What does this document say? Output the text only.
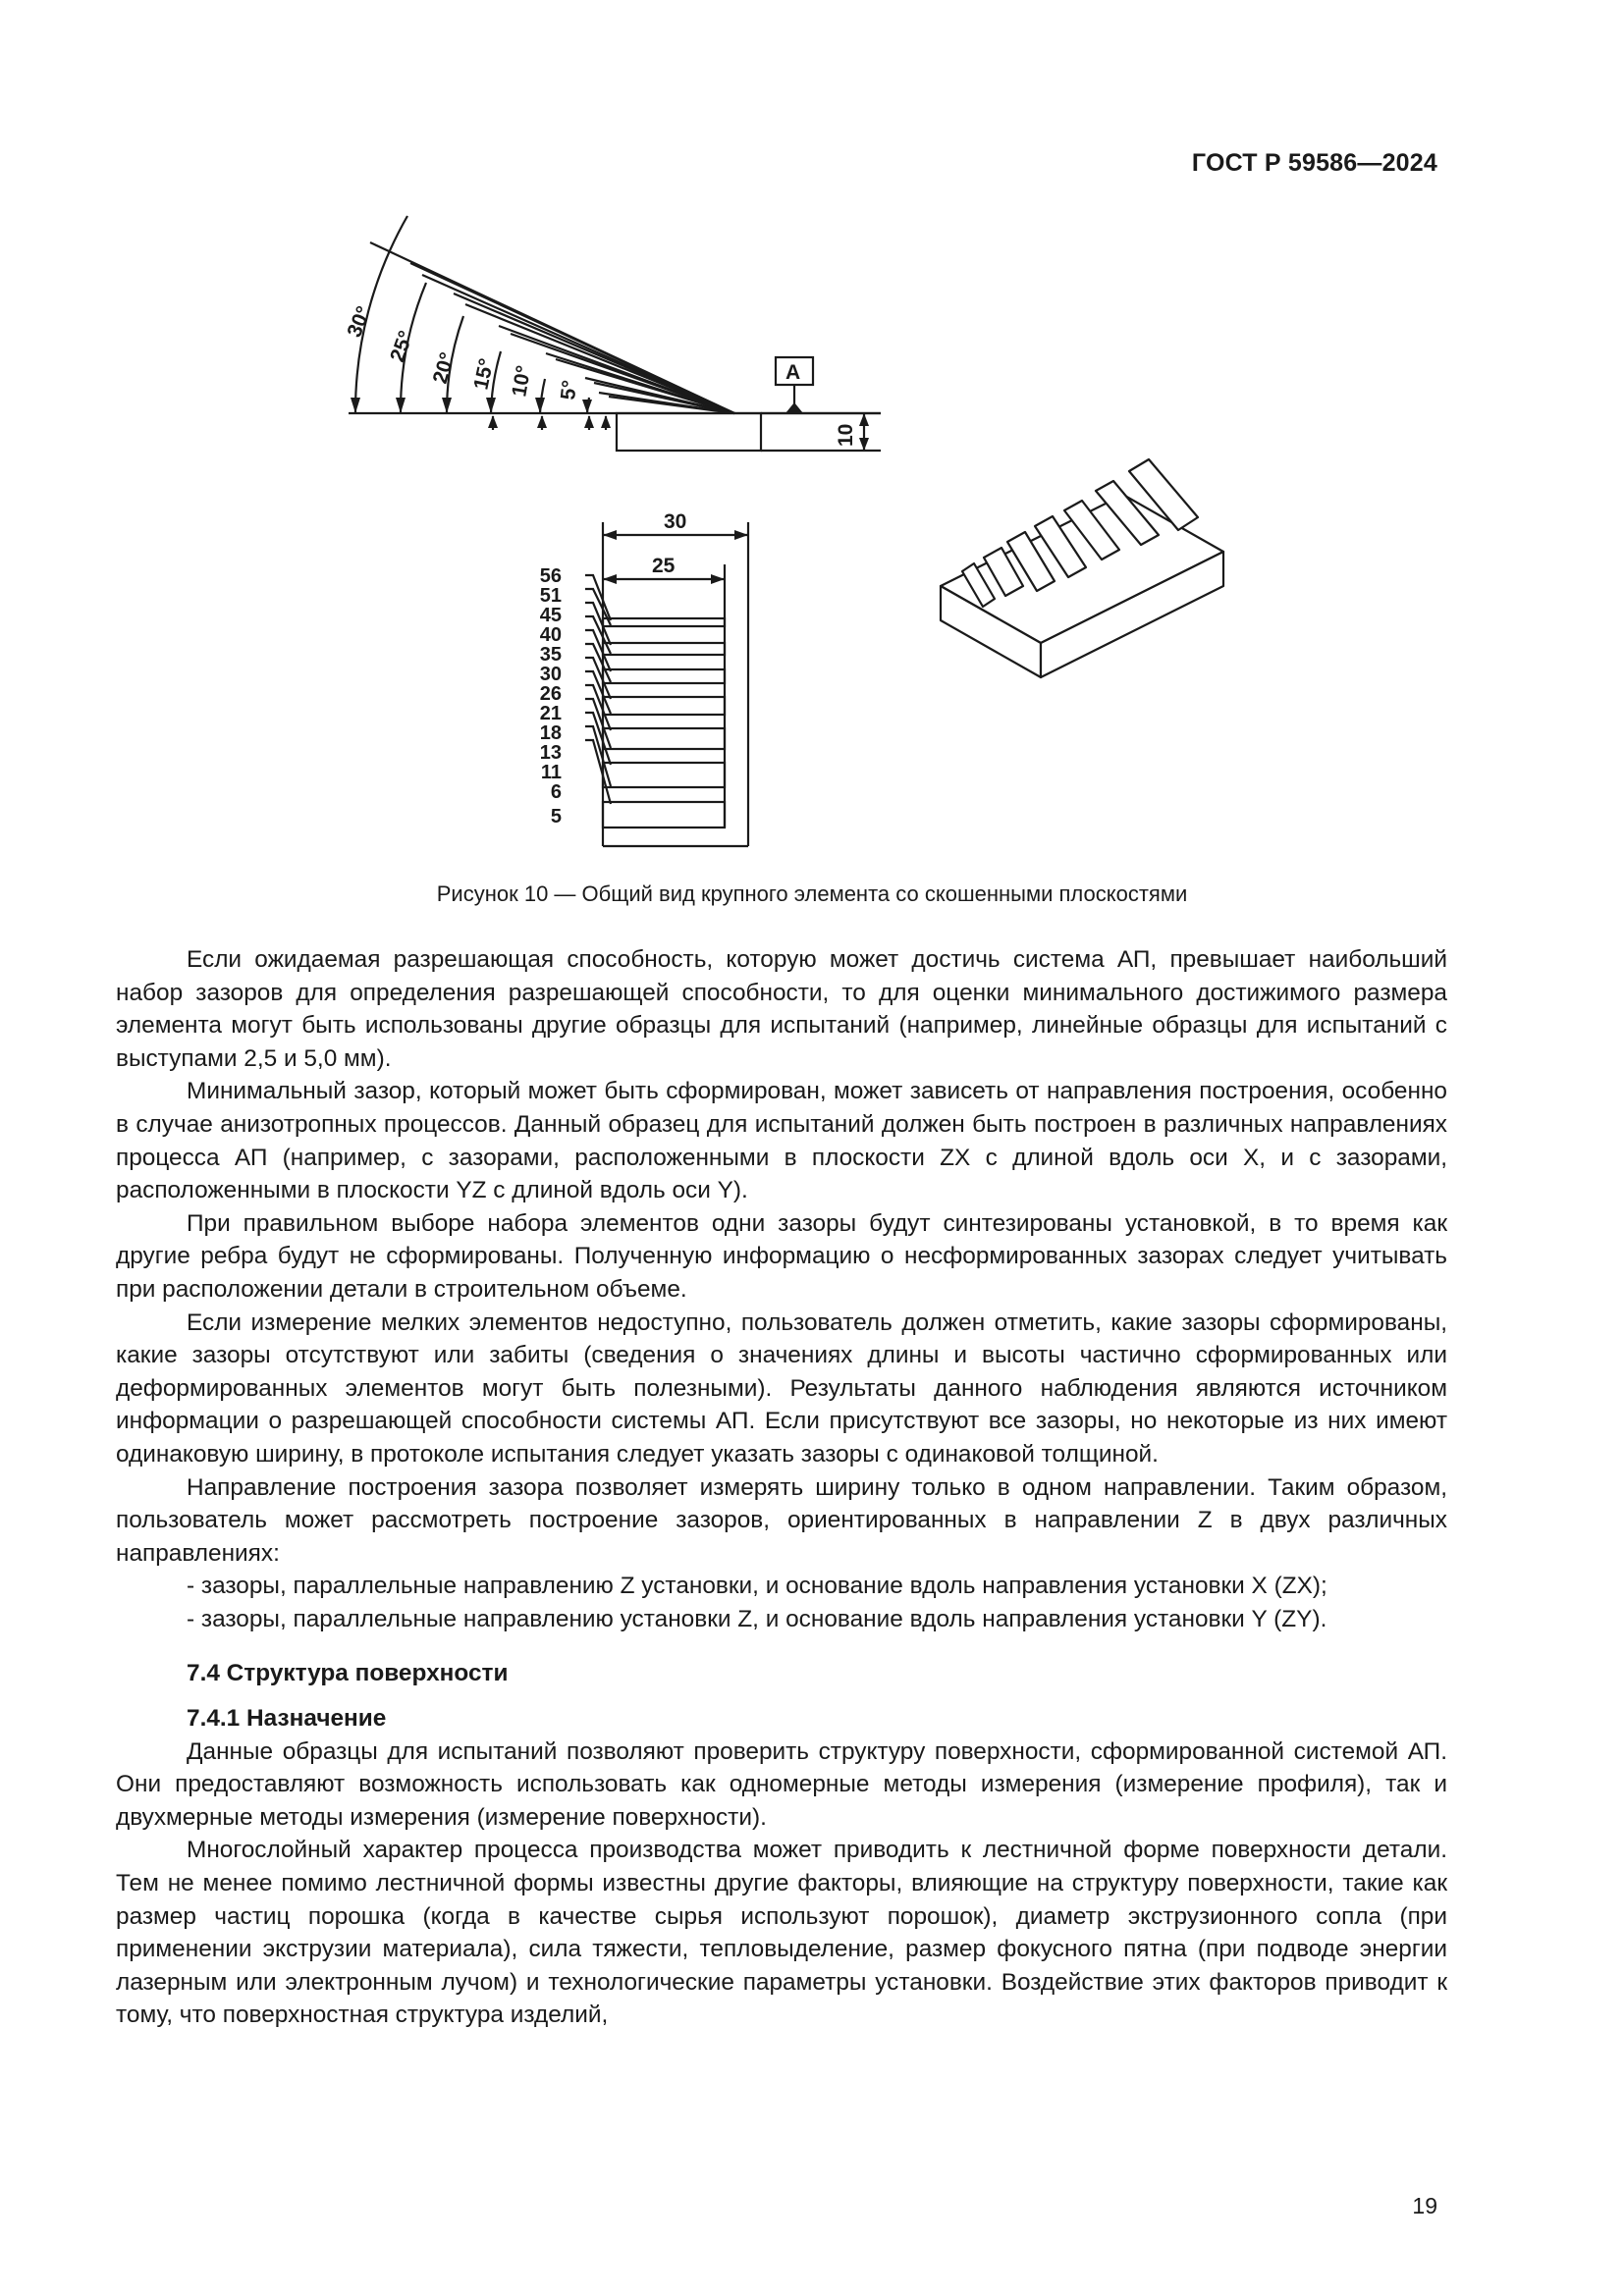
ГОСТ Р 59586—2024
30°
25°
20° 15° 10° 5°
A
10
30
25
56
51
45
40
35
30
26
21
18
13
11
6
5
Рисунок 10 — Общий вид крупного элемента со скошенными плоскостями

Если ожидаемая разрешающая способность, которую может достичь система АП, превышает наибольший набор зазоров для определения разрешающей способности, то для оценки минимального достижимого размера элемента могут быть использованы другие образцы для испытаний (например, линейные образцы для испытаний с выступами 2,5 и 5,0 мм).

Минимальный зазор, который может быть сформирован, может зависеть от направления построения, особенно в случае анизотропных процессов. Данный образец для испытаний должен быть построен в различных направлениях процесса АП (например, с зазорами, расположенными в плоскости ZX с длиной вдоль оси X, и с зазорами, расположенными в плоскости YZ с длиной вдоль оси Y).

При правильном выборе набора элементов одни зазоры будут синтезированы установкой, в то время как другие ребра будут не сформированы. Полученную информацию о несформированных зазорах следует учитывать при расположении детали в строительном объеме.

Если измерение мелких элементов недоступно, пользователь должен отметить, какие зазоры сформированы, какие зазоры отсутствуют или забиты (сведения о значениях длины и высоты частично сформированных или деформированных элементов могут быть полезными). Результаты данного наблюдения являются источником информации о разрешающей способности системы АП. Если присутствуют все зазоры, но некоторые из них имеют одинаковую ширину, в протоколе испытания следует указать зазоры с одинаковой толщиной.

Направление построения зазора позволяет измерять ширину только в одном направлении. Таким образом, пользователь может рассмотреть построение зазоров, ориентированных в направлении Z в двух различных направлениях:

- зазоры, параллельные направлению Z установки, и основание вдоль направления установки X (ZX);

- зазоры, параллельные направлению установки Z, и основание вдоль направления установки Y (ZY).

7.4 Структура поверхности
7.4.1 Назначение

Данные образцы для испытаний позволяют проверить структуру поверхности, сформированной системой АП. Они предоставляют возможность использовать как одномерные методы измерения (измерение профиля), так и двухмерные методы измерения (измерение поверхности).

Многослойный характер процесса производства может приводить к лестничной форме поверхности детали. Тем не менее помимо лестничной формы известны другие факторы, влияющие на структуру поверхности, такие как размер частиц порошка (когда в качестве сырья используют порошок), диаметр экструзионного сопла (при применении экструзии материала), сила тяжести, тепловыделение, размер фокусного пятна (при подводе энергии лазерным или электронным лучом) и технологические параметры установки. Воздействие этих факторов приводит к тому, что поверхностная структура изделий,

19
